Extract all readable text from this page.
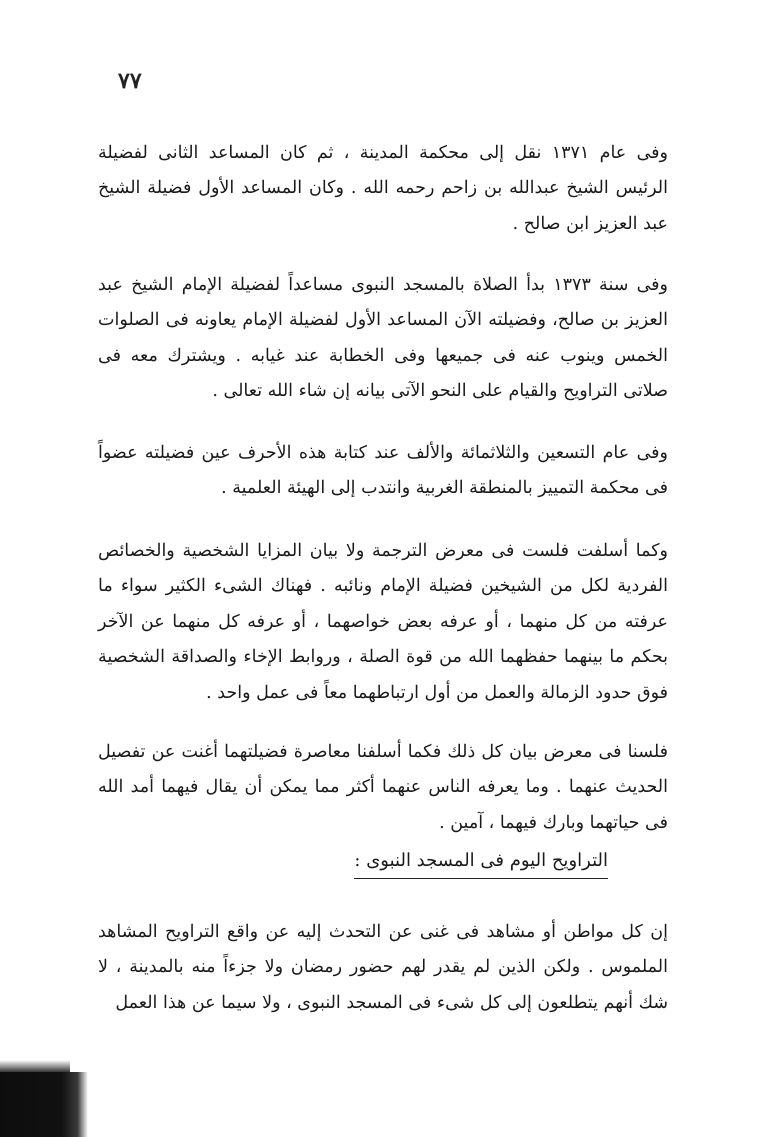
٧٧

وفى عام ١٣٧١ نقل إلى محكمة المدينة ، ثم كان المساعد الثانى لفضيلة الرئيس الشيخ عبدالله بن زاحم رحمه الله . وكان المساعد الأول فضيلة الشيخ عبد العزيز ابن صالح .

وفى سنة ١٣٧٣ بدأ الصلاة بالمسجد النبوى مساعداً لفضيلة الإمام الشيخ عبد العزيز بن صالح، وفضيلته الآن المساعد الأول لفضيلة الإمام يعاونه فى الصلوات الخمس وينوب عنه فى جميعها وفى الخطابة عند غيابه . ويشترك معه فى صلاتى التراويح والقيام على النحو الآتى بيانه إن شاء الله تعالى .

وفى عام التسعين والثلاثمائة والألف عند كتابة هذه الأحرف عين فضيلته عضواً فى محكمة التمييز بالمنطقة الغربية وانتدب إلى الهيئة العلمية .

وكما أسلفت فلست فى معرض الترجمة ولا بيان المزايا الشخصية والخصائص الفردية لكل من الشيخين فضيلة الإمام ونائبه . فهناك الشىء الكثير سواء ما عرفته من كل منهما ، أو عرفه بعض خواصهما ، أو عرفه كل منهما عن الآخر بحكم ما بينهما حفظهما الله من قوة الصلة ، وروابط الإخاء والصداقة الشخصية فوق حدود الزمالة والعمل من أول ارتباطهما معاً فى عمل واحد .

فلسنا فى معرض بيان كل ذلك فكما أسلفنا معاصرة فضيلتهما أغنت عن تفصيل الحديث عنهما . وما يعرفه الناس عنهما أكثر مما يمكن أن يقال فيهما أمد الله فى حياتهما وبارك فيهما ، آمين .

التراويح اليوم فى المسجد النبوى :

إن كل مواطن أو مشاهد فى غنى عن التحدث إليه عن واقع التراويح المشاهد الملموس . ولكن الذين لم يقدر لهم حضور رمضان ولا جزءاً منه بالمدينة ، لا شك أنهم يتطلعون إلى كل شىء فى المسجد النبوى ، ولا سيما عن هذا العمل
